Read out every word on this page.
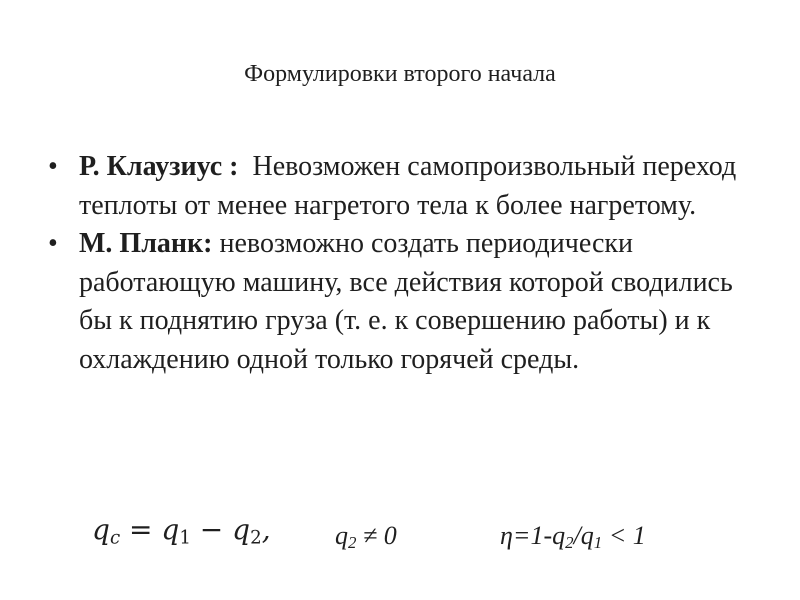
Формулировки второго начала
• Р. Клаузиус :  Невозможен самопроизвольный переход теплоты от менее нагретого тела к более нагретому.
• М. Планк: невозможно создать периодически работающую машину, все действия которой сводились бы к поднятию груза (т. е. к совершению работы) и к охлаждению одной только горячей среды.
$q_c = q_1 - q_2$, $q_2 \ne 0$	$\eta=1-q_2/q_1 < 1$
